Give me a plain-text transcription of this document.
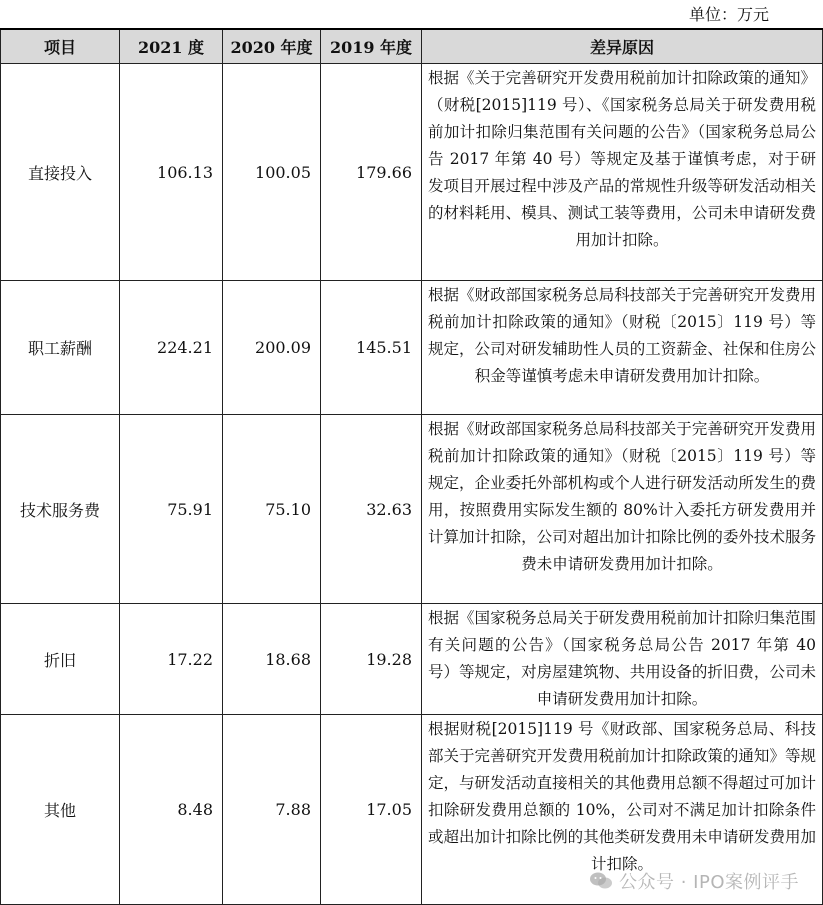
单位：万元
项目	2021 度	2020 年度	2019 年度	差异原因
直接投入	106.13	100.05	179.66	根据《关于完善研究开发费用税前加计扣除政策的通知》（财税[2015]119 号）、《国家税务总局关于研发费用税前加计扣除归集范围有关问题的公告》（国家税务总局公告 2017 年第 40 号）等规定及基于谨慎考虑，对于研发项目开展过程中涉及产品的常规性升级等研发活动相关的材料耗用、模具、测试工装等费用，公司未申请研发费用加计扣除。
职工薪酬	224.21	200.09	145.51	根据《财政部国家税务总局科技部关于完善研究开发费用税前加计扣除政策的通知》（财税〔2015〕119 号）等规定，公司对研发辅助性人员的工资薪金、社保和住房公积金等谨慎考虑未申请研发费用加计扣除。
技术服务费	75.91	75.10	32.63	根据《财政部国家税务总局科技部关于完善研究开发费用税前加计扣除政策的通知》（财税〔2015〕119 号）等规定，企业委托外部机构或个人进行研发活动所发生的费用，按照费用实际发生额的 80%计入委托方研发费用并计算加计扣除，公司对超出加计扣除比例的委外技术服务费未申请研发费用加计扣除。
折旧	17.22	18.68	19.28	根据《国家税务总局关于研发费用税前加计扣除归集范围有关问题的公告》（国家税务总局公告 2017 年第 40 号）等规定，对房屋建筑物、共用设备的折旧费，公司未申请研发费用加计扣除。
其他	8.48	7.88	17.05	根据财税[2015]119 号《财政部、国家税务总局、科技部关于完善研究开发费用税前加计扣除政策的通知》等规定，与研发活动直接相关的其他费用总额不得超过可加计扣除研发费用总额的 10%，公司对不满足加计扣除条件或超出加计扣除比例的其他类研发费用未申请研发费用加计扣除。
公众号 · IPO案例评手
